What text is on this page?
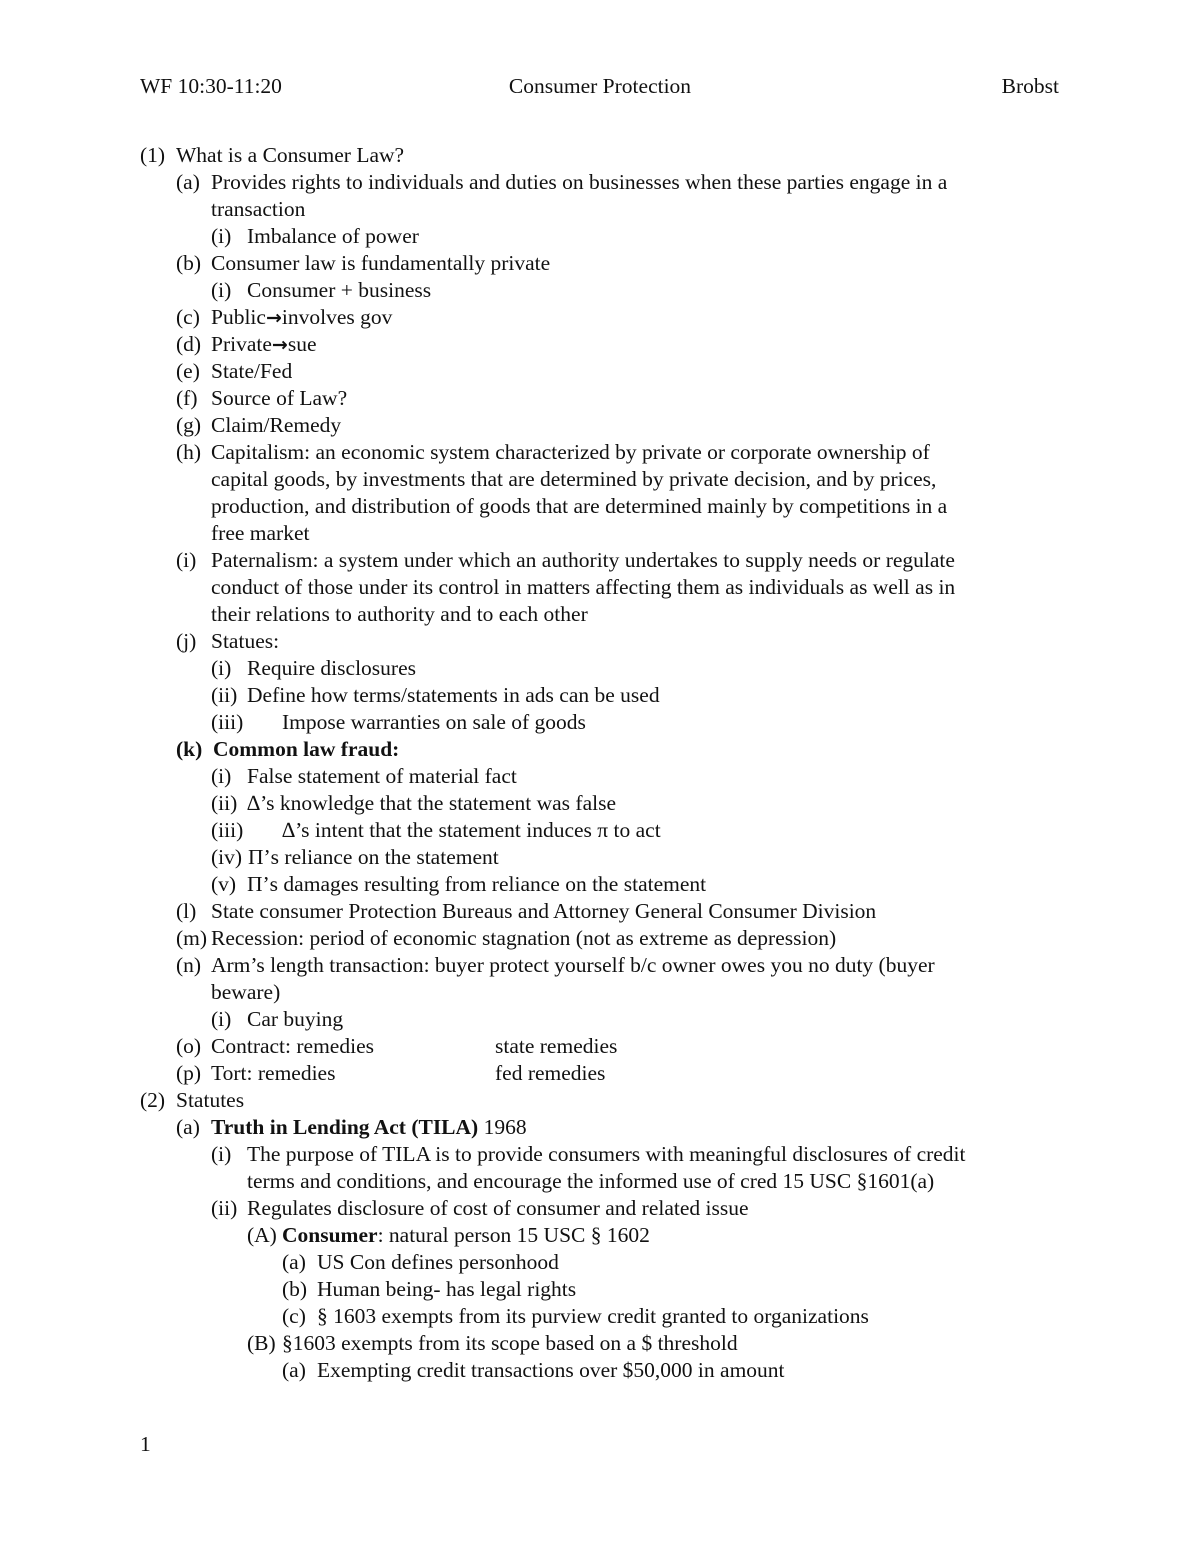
WF 10:30-11:20	Consumer Protection	Brobst
(1) What is a Consumer Law?
(a) Provides rights to individuals and duties on businesses when these parties engage in a
transaction
(i) Imbalance of power
(b) Consumer law is fundamentally private
(i) Consumer + business
(c) Public→involves gov
(d) Private→sue
(e) State/Fed
(f) Source of Law?
(g) Claim/Remedy
(h) Capitalism: an economic system characterized by private or corporate ownership of
capital goods, by investments that are determined by private decision, and by prices,
production, and distribution of goods that are determined mainly by competitions in a
free market
(i) Paternalism: a system under which an authority undertakes to supply needs or regulate
conduct of those under its control in matters affecting them as individuals as well as in
their relations to authority and to each other
(j) Statues:
(i) Require disclosures
(ii) Define how terms/statements in ads can be used
(iii) Impose warranties on sale of goods
(k) Common law fraud:
(i) False statement of material fact
(ii) ∆’s knowledge that the statement was false
(iii) ∆’s intent that the statement induces π to act
(iv) Π’s reliance on the statement
(v) Π’s damages resulting from reliance on the statement
(l) State consumer Protection Bureaus and Attorney General Consumer Division
(m) Recession: period of economic stagnation (not as extreme as depression)
(n) Arm’s length transaction: buyer protect yourself b/c owner owes you no duty (buyer
beware)
(i) Car buying
(o) Contract: remedies	state remedies
(p) Tort: remedies	fed remedies
(2) Statutes
(a) Truth in Lending Act (TILA) 1968
(i) The purpose of TILA is to provide consumers with meaningful disclosures of credit
terms and conditions, and encourage the informed use of cred 15 USC §1601(a)
(ii) Regulates disclosure of cost of consumer and related issue
(A) Consumer: natural person 15 USC § 1602
(a) US Con defines personhood
(b) Human being- has legal rights
(c) § 1603 exempts from its purview credit granted to organizations
(B) §1603 exempts from its scope based on a $ threshold
(a) Exempting credit transactions over $50,000 in amount
1
